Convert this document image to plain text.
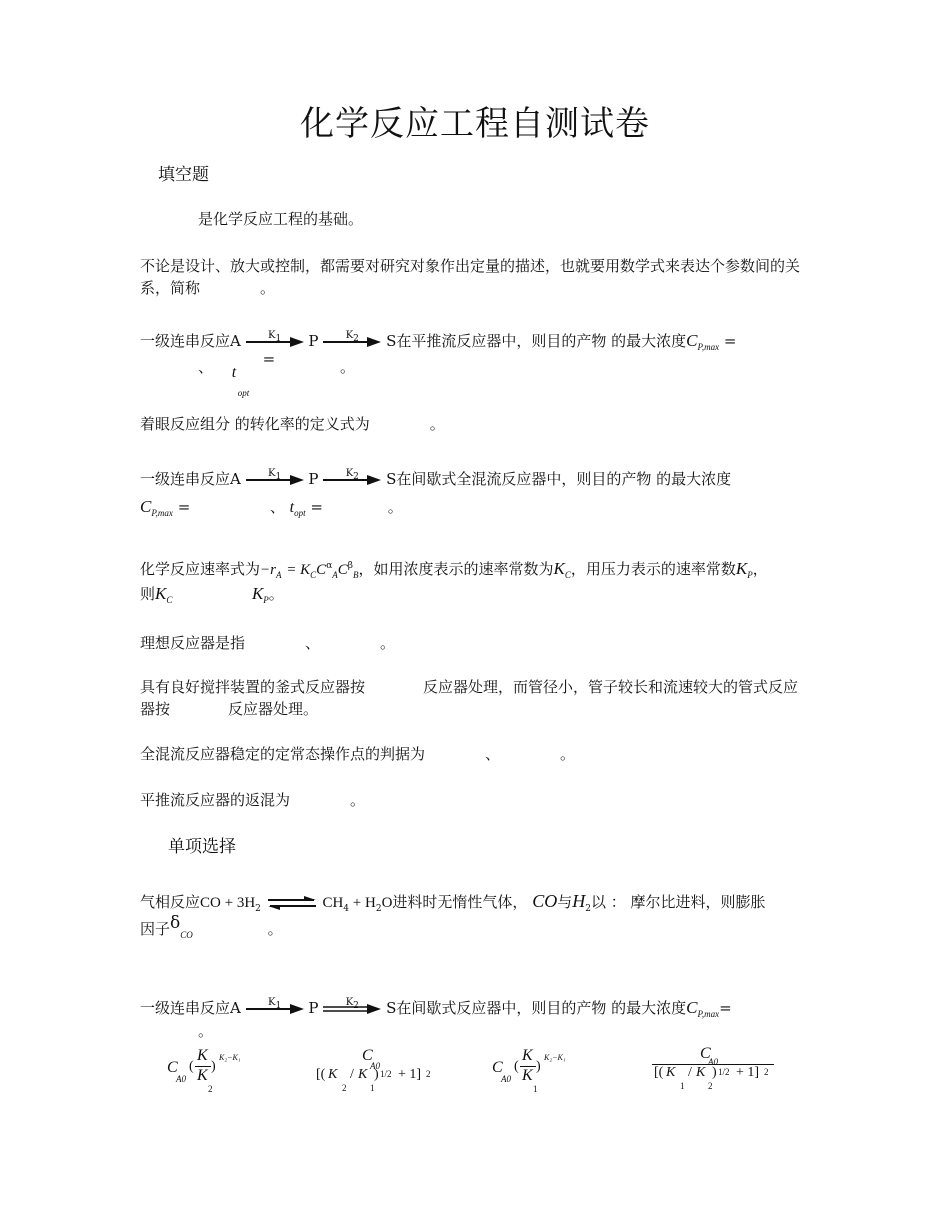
化学反应工程自测试卷
填空题
是化学反应工程的基础。
不论是设计、放大或控制，都需要对研究对象作出定量的描述，也就要用数学式来表达个参数间的关系，简称	。
一级连串反应A	$K_1$	P	$K_2$	S在平推流反应器中，则目的产物 的最大浓度$C_{P,max}$ =
、 t
opt
=	。
着眼反应组分 的转化率的定义式为	。
一级连串反应A	$K_1$	P	$K_2$	S在间歇式全混流反应器中，则目的产物 的最大浓度
$C_{P,max}$ =	、 $t_{opt}$ =	。
化学反应速率式为$-r_A = K_CC^\alpha_AC^\beta_B$，如用浓度表示的速率常数为$K_C$，用压力表示的速率常数$K_P$，
则$K_C$	$K_P$。
理想反应器是指	、	。
具有良好搅拌装置的釜式反应器按	反应器处理，而管径小，管子较长和流速较大的管式反应器按	反应器处理。
全混流反应器稳定的定常态操作点的判据为	、	。
平推流反应器的返混为	。
单项选择
气相反应CO + $3H_2$ ⇌ $CH_4 + H_2O$进料时无惰性气体， CO与$H_2$以 ： 摩尔比进料，则膨胀
因子$\delta_{CO}$	。
一级连串反应A	$K_1$	P	$K_2$	S在间歇式反应器中，则目的产物 的最大浓度$C_{P,max}=$
。
C
A0
(
K
K
2
)
K₂−K₁	C
A0
[( K
2
/ K
1
) 1/2 + 1] 2	C
A0
(
K
K
1
)
K₂−K₁	C
A0
[( K
1
/ K
2
) 1/2 + 1] 2
